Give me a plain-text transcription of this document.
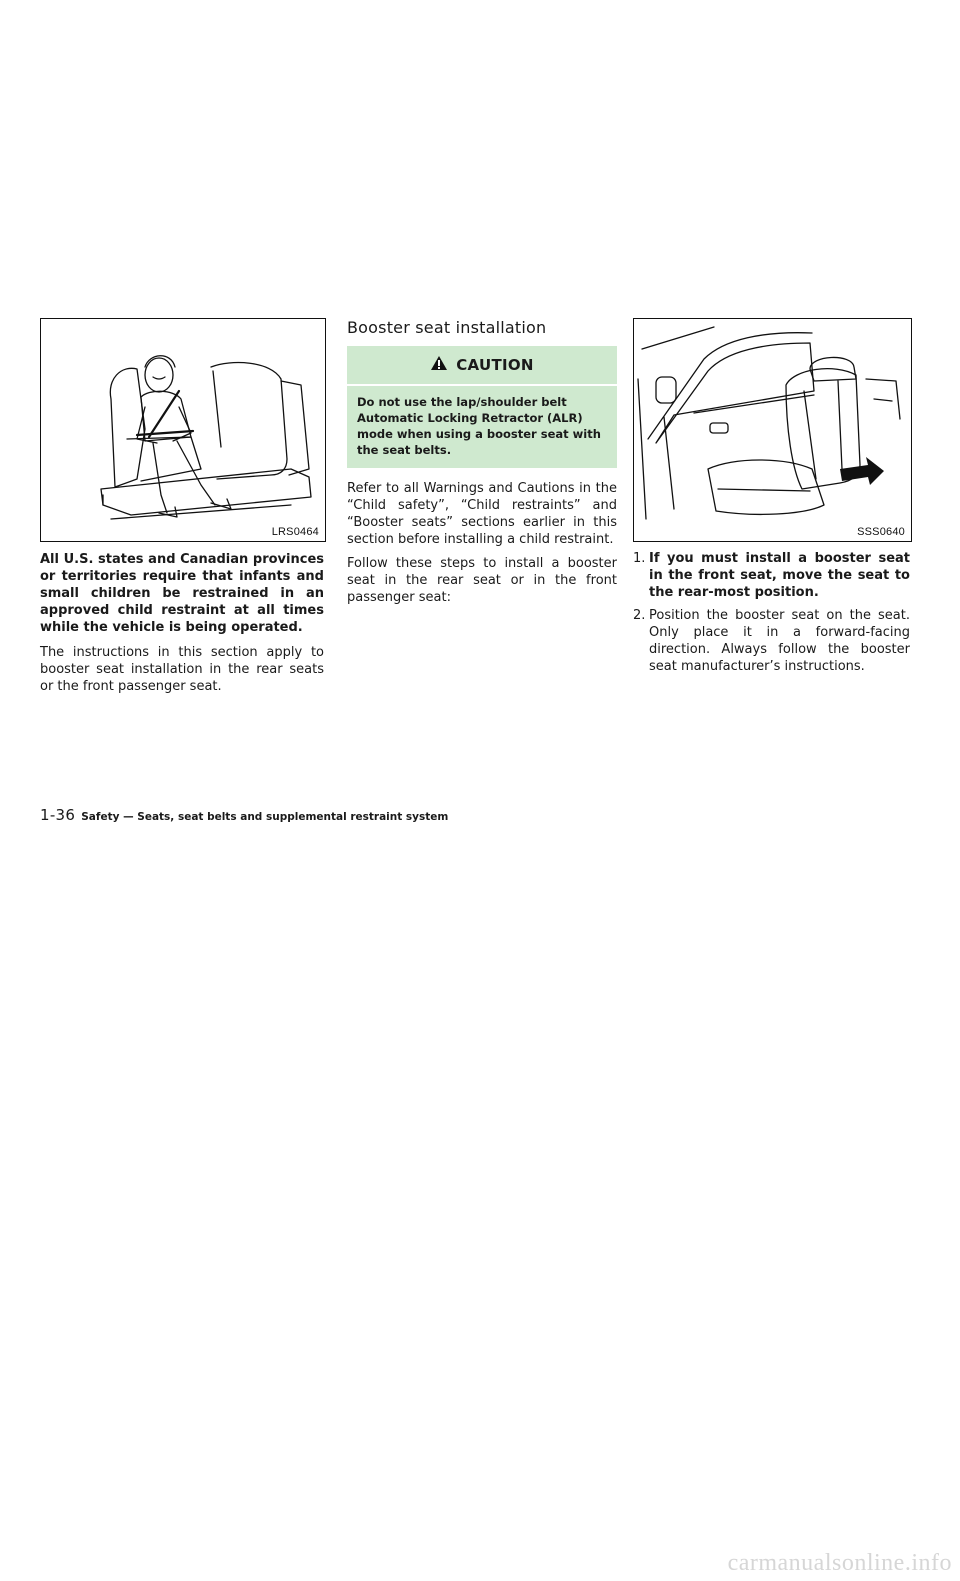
LRS0464

All U.S. states and Canadian provinces or territories require that infants and small children be restrained in an approved child restraint at all times while the vehicle is being operated.

The instructions in this section apply to booster seat installation in the rear seats or the front passenger seat.

Booster seat installation
CAUTION
Do not use the lap/shoulder belt Automatic Locking Retractor (ALR) mode when using a booster seat with the seat belts.

Refer to all Warnings and Cautions in the “Child safety”, “Child restraints” and “Booster seats” sections earlier in this section before installing a child restraint.

Follow these steps to install a booster seat in the rear seat or in the front passenger seat:

SSS0640
1. If you must install a booster seat in the front seat, move the seat to the rear-most position.
2. Position the booster seat on the seat. Only place it in a forward-facing direction. Always follow the booster seat manufacturer’s instructions.
1-36 Safety — Seats, seat belts and supplemental restraint system
carmanualsonline.info
